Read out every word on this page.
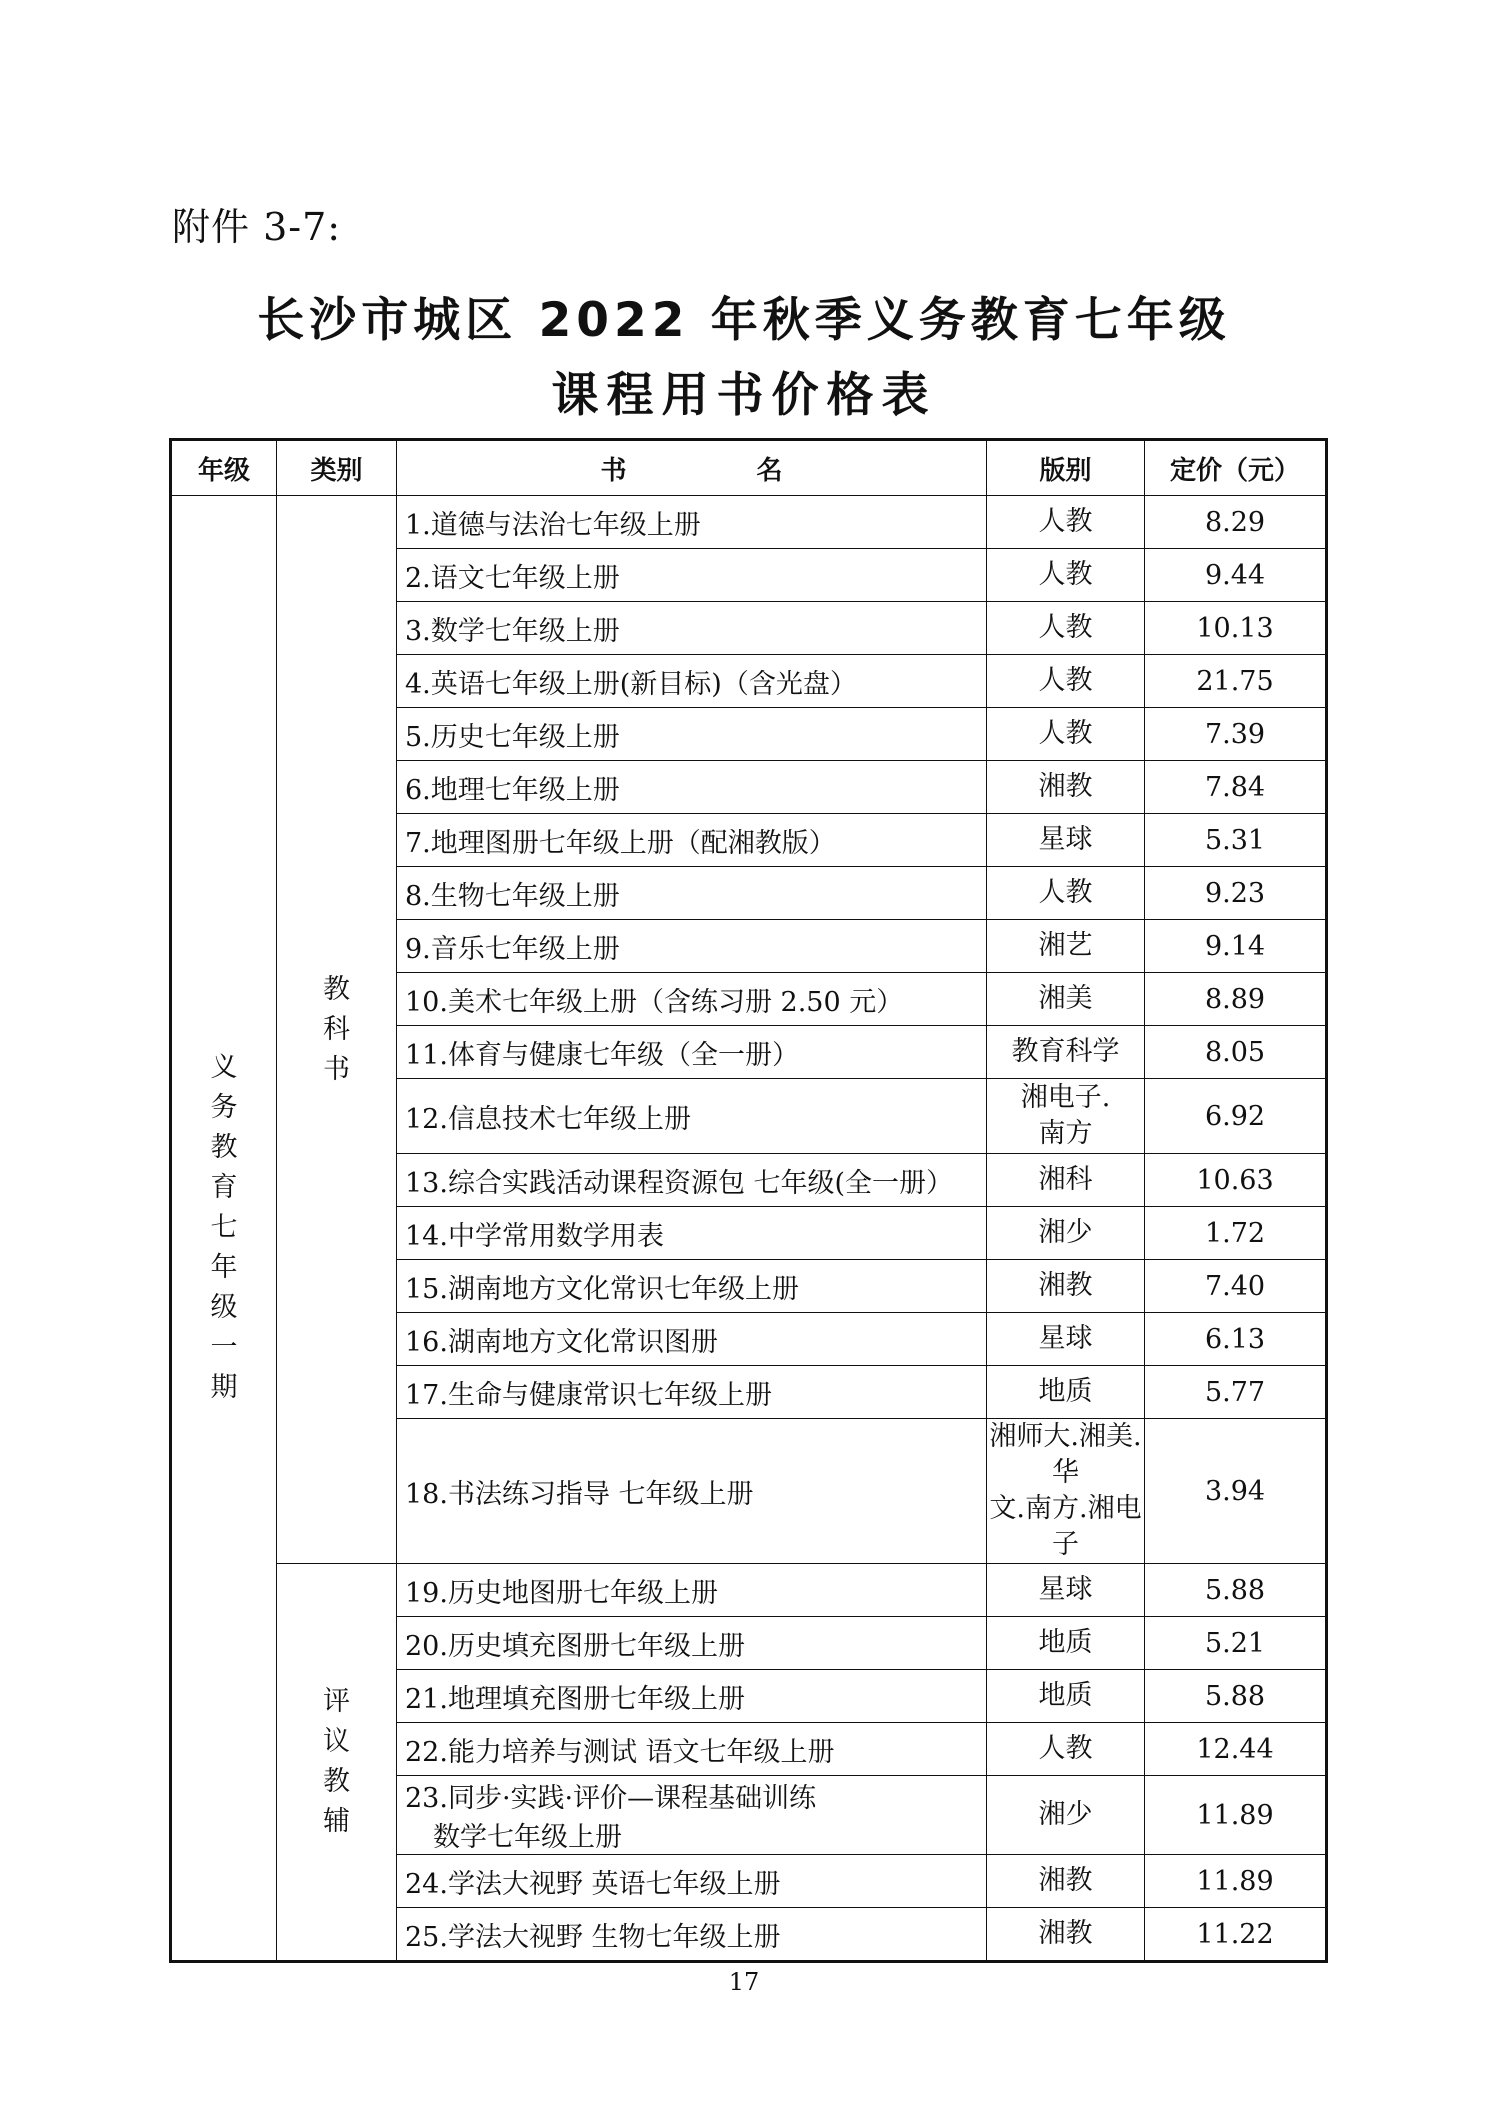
附件 3-7:
长沙市城区 2022 年秋季义务教育七年级
课程用书价格表
年级	类别	书　　　　　名	版别	定价（元）
义务教育七年级一期	教科书	1.道德与法治七年级上册	人教	8.29
		2.语文七年级上册	人教	9.44
		3.数学七年级上册	人教	10.13
		4.英语七年级上册(新目标)（含光盘）	人教	21.75
		5.历史七年级上册	人教	7.39
		6.地理七年级上册	湘教	7.84
		7.地理图册七年级上册（配湘教版）	星球	5.31
		8.生物七年级上册	人教	9.23
		9.音乐七年级上册	湘艺	9.14
		10.美术七年级上册（含练习册 2.50 元）	湘美	8.89
		11.体育与健康七年级（全一册）	教育科学	8.05
		12.信息技术七年级上册	湘电子.
南方	6.92
		13.综合实践活动课程资源包 七年级(全一册）	湘科	10.63
		14.中学常用数学用表	湘少	1.72
		15.湖南地方文化常识七年级上册	湘教	7.40
		16.湖南地方文化常识图册	星球	6.13
		17.生命与健康常识七年级上册	地质	5.77
		18.书法练习指导 七年级上册	湘师大.湘美.华
文.南方.湘电子	3.94
	评议教辅	19.历史地图册七年级上册	星球	5.88
		20.历史填充图册七年级上册	地质	5.21
		21.地理填充图册七年级上册	地质	5.88
		22.能力培养与测试 语文七年级上册	人教	12.44
		23.同步·实践·评价—课程基础训练
数学七年级上册	湘少	11.89
		24.学法大视野 英语七年级上册	湘教	11.89
		25.学法大视野 生物七年级上册	湘教	11.22
17
